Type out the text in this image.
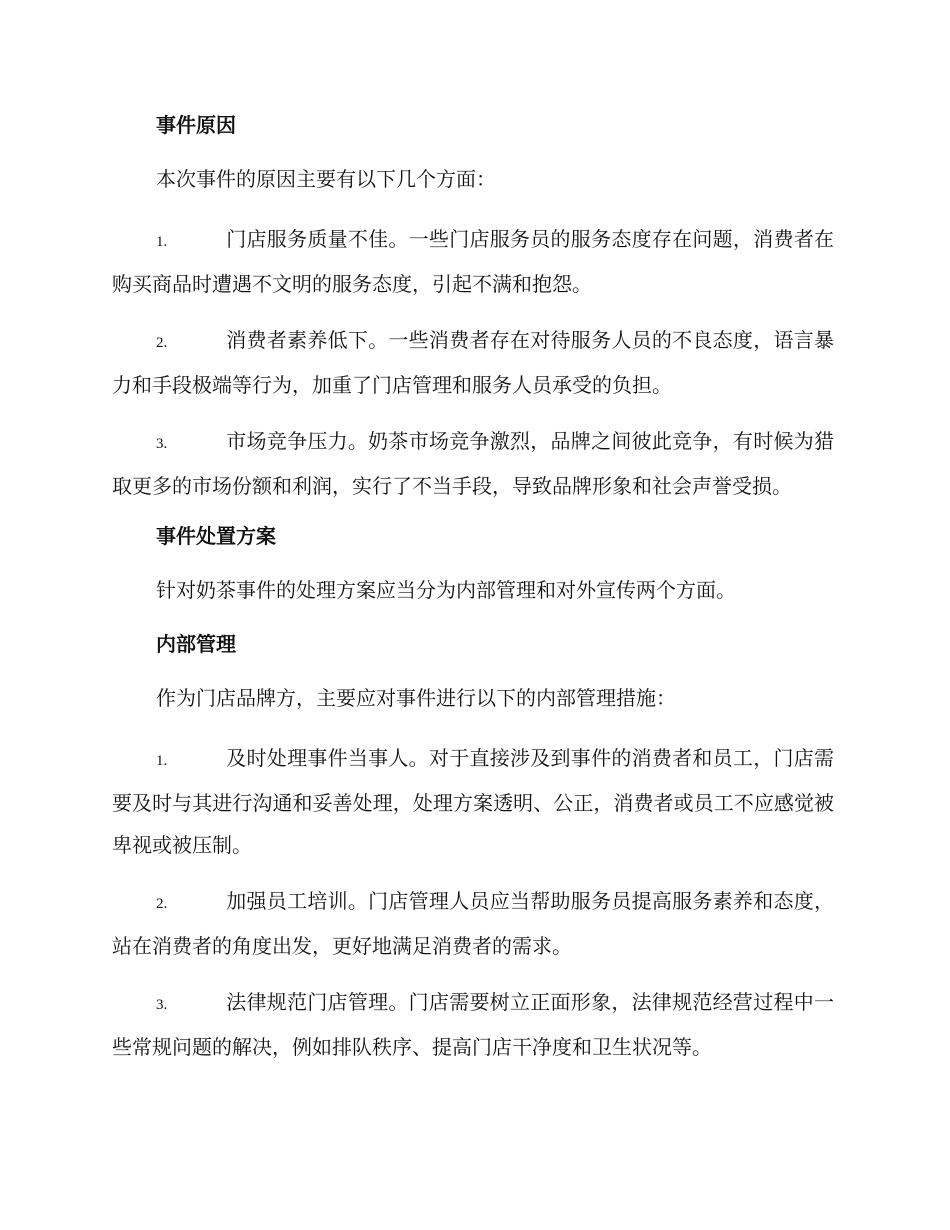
事件原因
本次事件的原因主要有以下几个方面：
1.	门店服务质量不佳。一些门店服务员的服务态度存在问题，消费者在购买商品时遭遇不文明的服务态度，引起不满和抱怨。
2.	消费者素养低下。一些消费者存在对待服务人员的不良态度，语言暴力和手段极端等行为，加重了门店管理和服务人员承受的负担。
3.	市场竞争压力。奶茶市场竞争激烈，品牌之间彼此竞争，有时候为猎取更多的市场份额和利润，实行了不当手段，导致品牌形象和社会声誉受损。
事件处置方案
针对奶茶事件的处理方案应当分为内部管理和对外宣传两个方面。
内部管理
作为门店品牌方，主要应对事件进行以下的内部管理措施：
1.	及时处理事件当事人。对于直接涉及到事件的消费者和员工，门店需要及时与其进行沟通和妥善处理，处理方案透明、公正，消费者或员工不应感觉被卑视或被压制。
2.	加强员工培训。门店管理人员应当帮助服务员提高服务素养和态度，站在消费者的角度出发，更好地满足消费者的需求。
3.	法律规范门店管理。门店需要树立正面形象，法律规范经营过程中一些常规问题的解决，例如排队秩序、提高门店干净度和卫生状况等。
